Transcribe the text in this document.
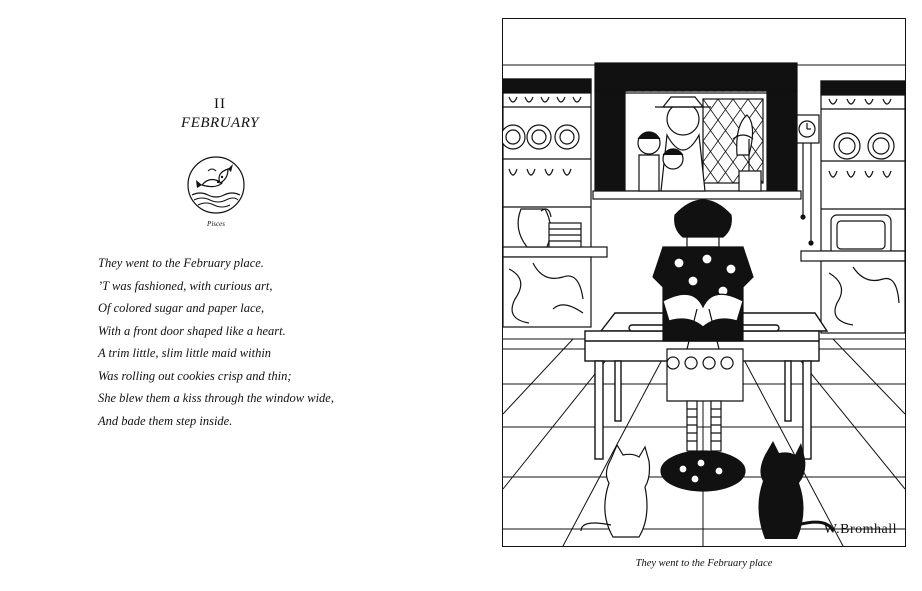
II
FEBRUARY
Pisces
They went to the February place.
’T was fashioned, with curious art,
Of colored sugar and paper lace,
With a front door shaped like a heart.
A trim little, slim little maid within
Was rolling out cookies crisp and thin;
She blew them a kiss through the window wide,
And bade them step inside.
W.Bromhall
They went to the February place
